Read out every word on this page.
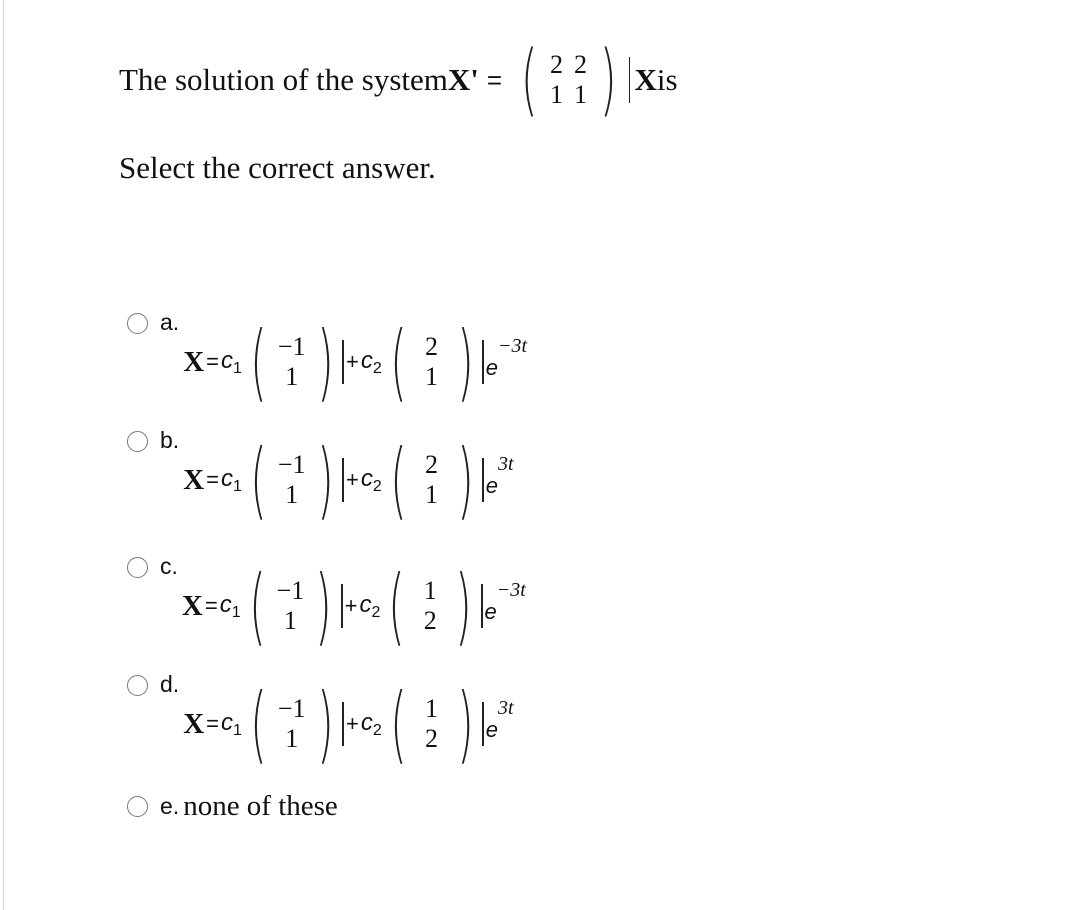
The solution of the system X' = ( 2 2
1 1 ) X is
Select the correct answer.
a.
$X = c_1$ ( −1
1 ) + $c_2$ ( 2
1 ) e
−3t
b.
$X = c_1$ ( −1
1 ) + $c_2$ ( 2
1 ) e
3t
c.
$X = c_1$ ( −1
1 ) + $c_2$ ( 1
2 ) e
−3t
d.
$X = c_1$ ( −1
1 ) + $c_2$ ( 1
2 ) e
3t
e. none of these
